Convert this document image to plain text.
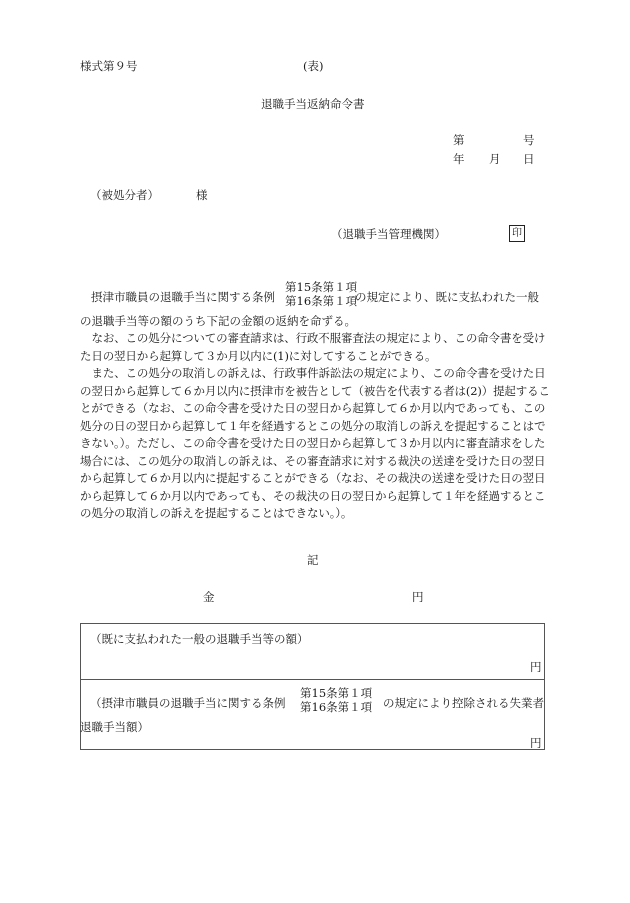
様式第９号	(表)
退職手当返納命令書
第	号
年 月 日
（被処分者）	様
（退職手当管理機関）	印
摂津市職員の退職手当に関する条例
第15条第１項
第16条第１項
の規定により、既に支払われた一般
の退職手当等の額のうち下記の金額の返納を命ずる。

なお、この処分についての審査請求は、行政不服審査法の規定により、この命令書を受けた日の翌日から起算して３か月以内に(1)に対してすることができる。

また、この処分の取消しの訴えは、行政事件訴訟法の規定により、この命令書を受けた日の翌日から起算して６か月以内に摂津市を被告として（被告を代表する者は(2)）提起することができる（なお、この命令書を受けた日の翌日から起算して６か月以内であっても、この処分の日の翌日から起算して１年を経過するとこの処分の取消しの訴えを提起することはできない。）。ただし、この命令書を受けた日の翌日から起算して３か月以内に審査請求をした場合には、この処分の取消しの訴えは、その審査請求に対する裁決の送達を受けた日の翌日から起算して６か月以内に提起することができる（なお、その裁決の送達を受けた日の翌日から起算して６か月以内であっても、その裁決の日の翌日から起算して１年を経過するとこの処分の取消しの訴えを提起することはできない。）。

記
金	円
（既に支払われた一般の退職手当等の額）
円
（摂津市職員の退職手当に関する条例
第15条第１項
第16条第１項 の規定により控除される失業者
退職手当額）
円
